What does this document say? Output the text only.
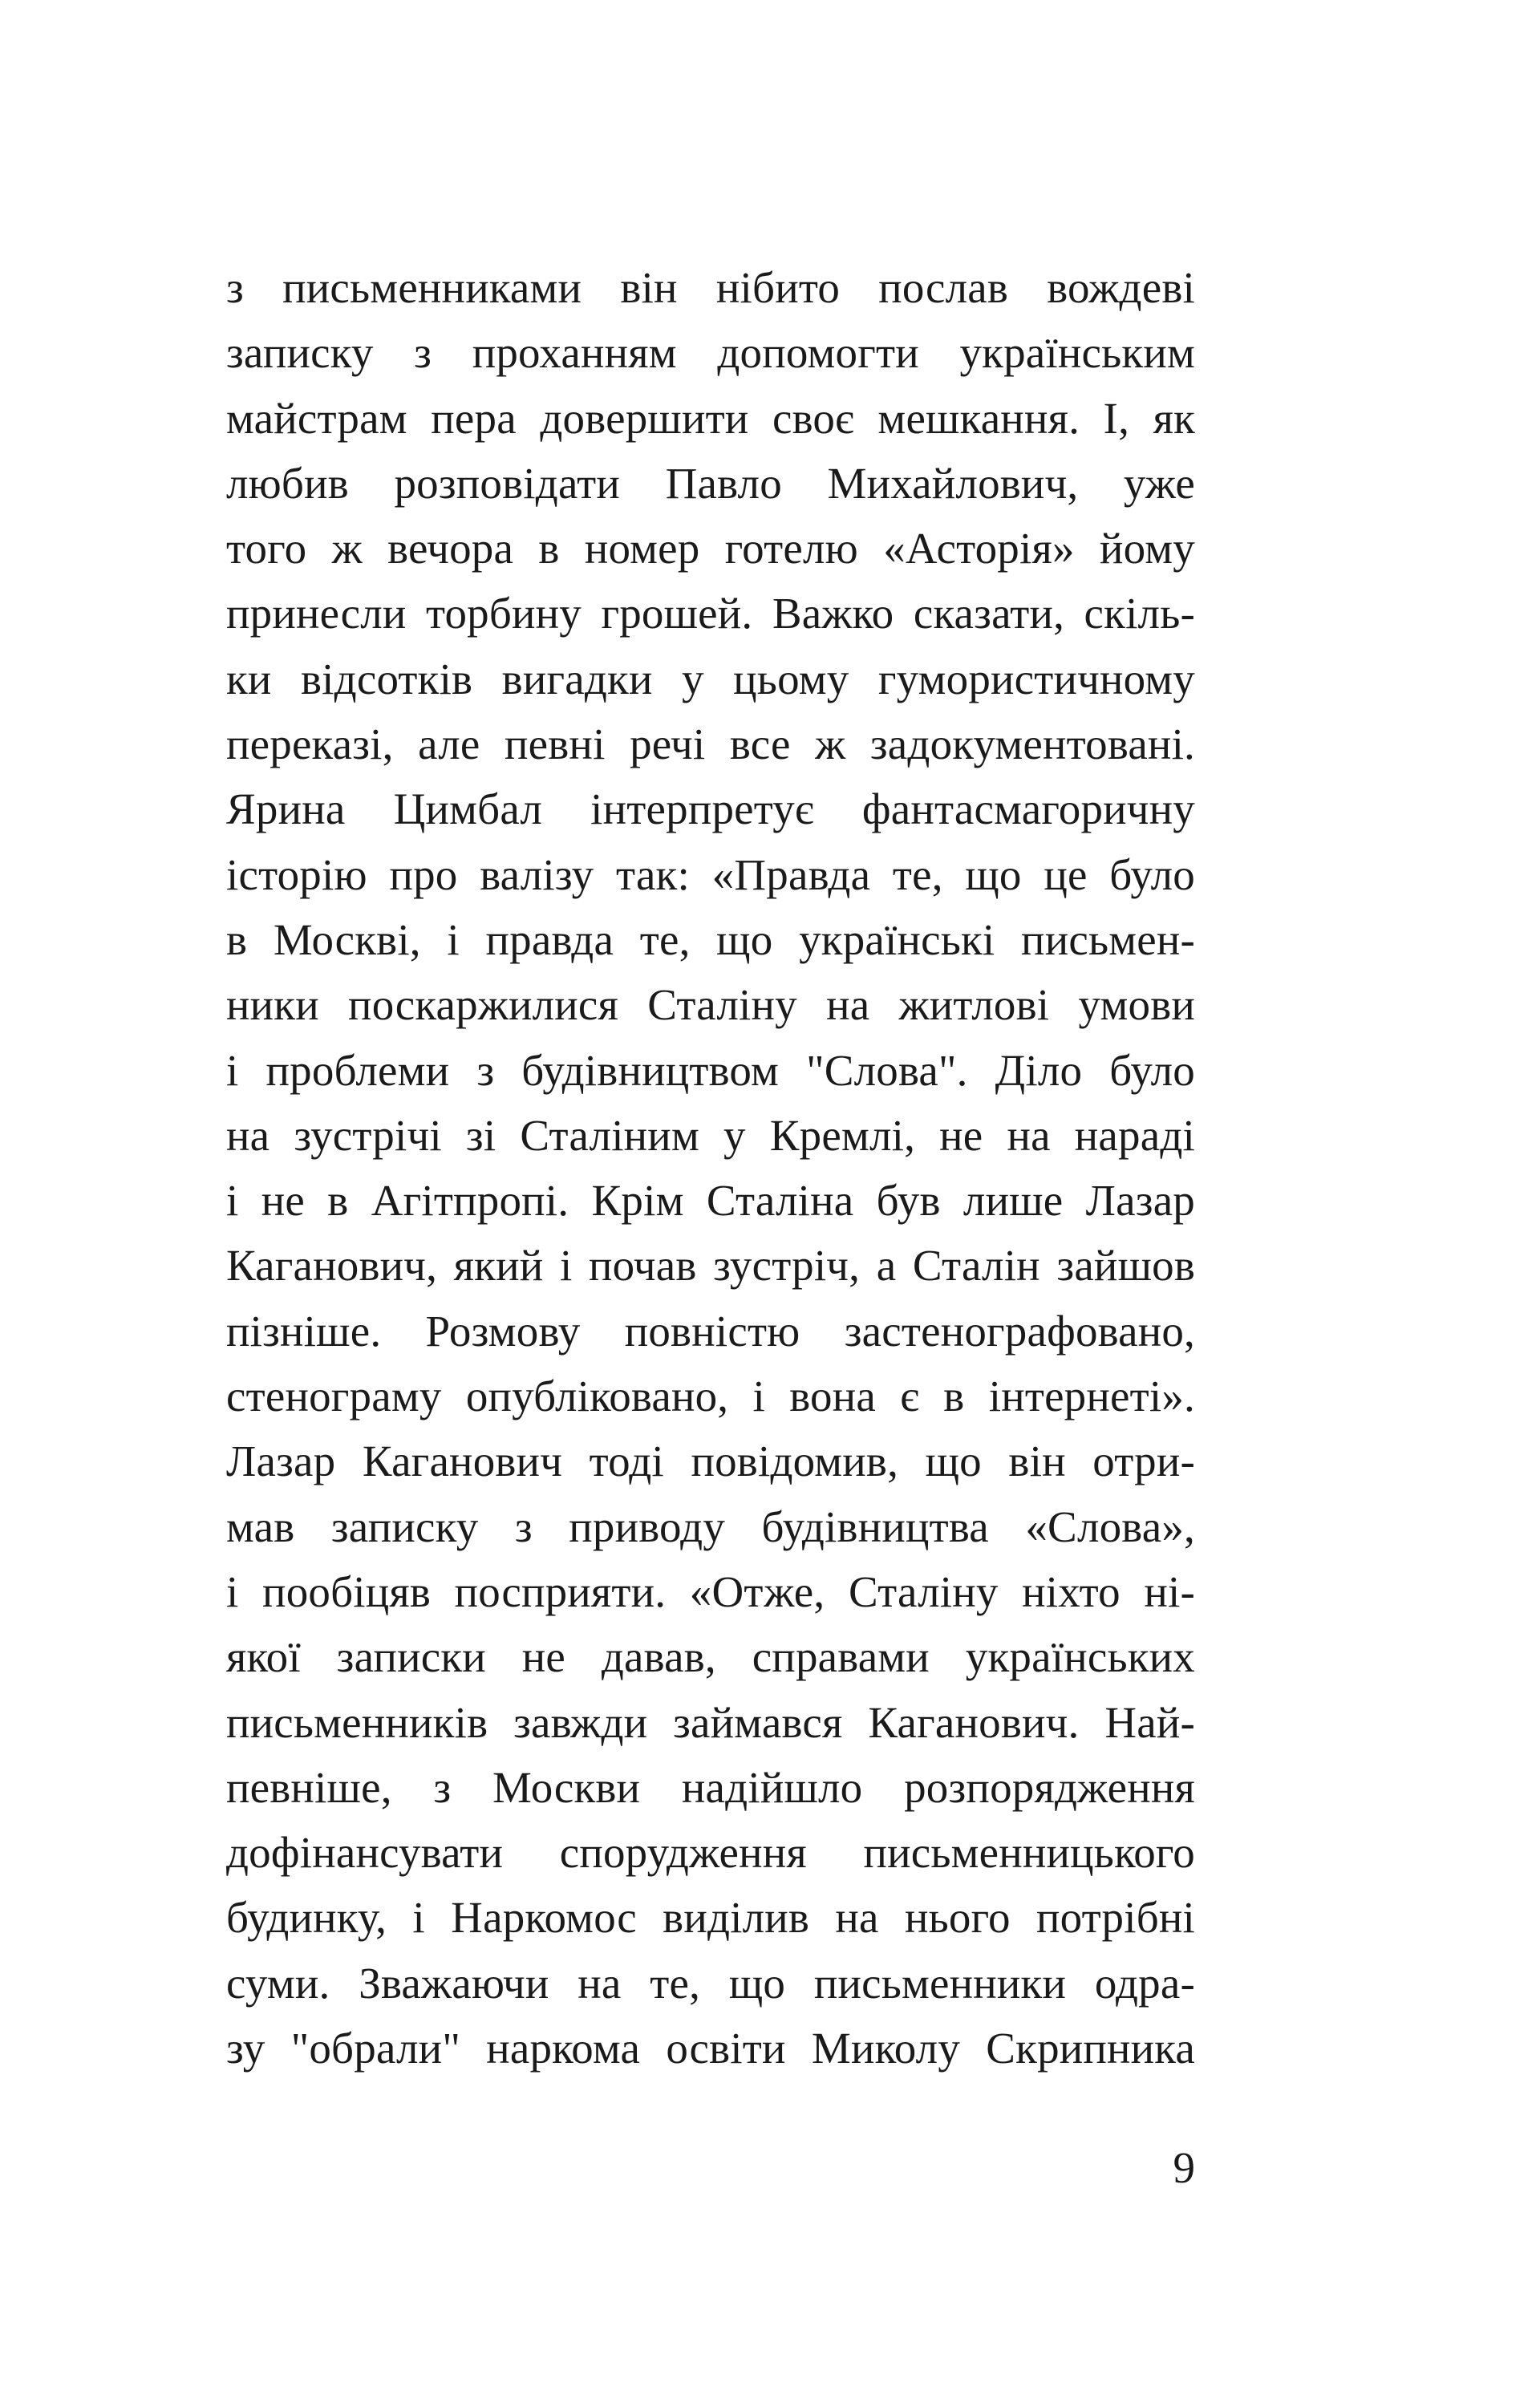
з письменниками він нібито послав вождеві
записку з проханням допомогти українським
майстрам пера довершити своє мешкання. І, як
любив розповідати Павло Михайлович, уже
того ж вечора в номер готелю «Асторія» йому
принесли торбину грошей. Важко сказати, скіль-
ки відсотків вигадки у цьому гумористичному
переказі, але певні речі все ж задокументовані.
Ярина Цимбал інтерпретує фантасмагоричну
історію про валізу так: «Правда те, що це було
в Москві, і правда те, що українські письмен-
ники поскаржилися Сталіну на житлові умови
і проблеми з будівництвом "Слова". Діло було
на зустрічі зі Сталіним у Кремлі, не на нараді
і не в Агітпропі. Крім Сталіна був лише Лазар
Каганович, який і почав зустріч, а Сталін зайшов
пізніше. Розмову повністю застенографовано,
стенограму опубліковано, і вона є в інтернеті».
Лазар Каганович тоді повідомив, що він отри-
мав записку з приводу будівництва «Слова»,
і пообіцяв посприяти. «Отже, Сталіну ніхто ні-
якої записки не давав, справами українських
письменників завжди займався Каганович. Най-
певніше, з Москви надійшло розпорядження
дофінансувати спорудження письменницького
будинку, і Наркомос виділив на нього потрібні
суми. Зважаючи на те, що письменники одра-
зу "обрали" наркома освіти Миколу Скрипника

9
